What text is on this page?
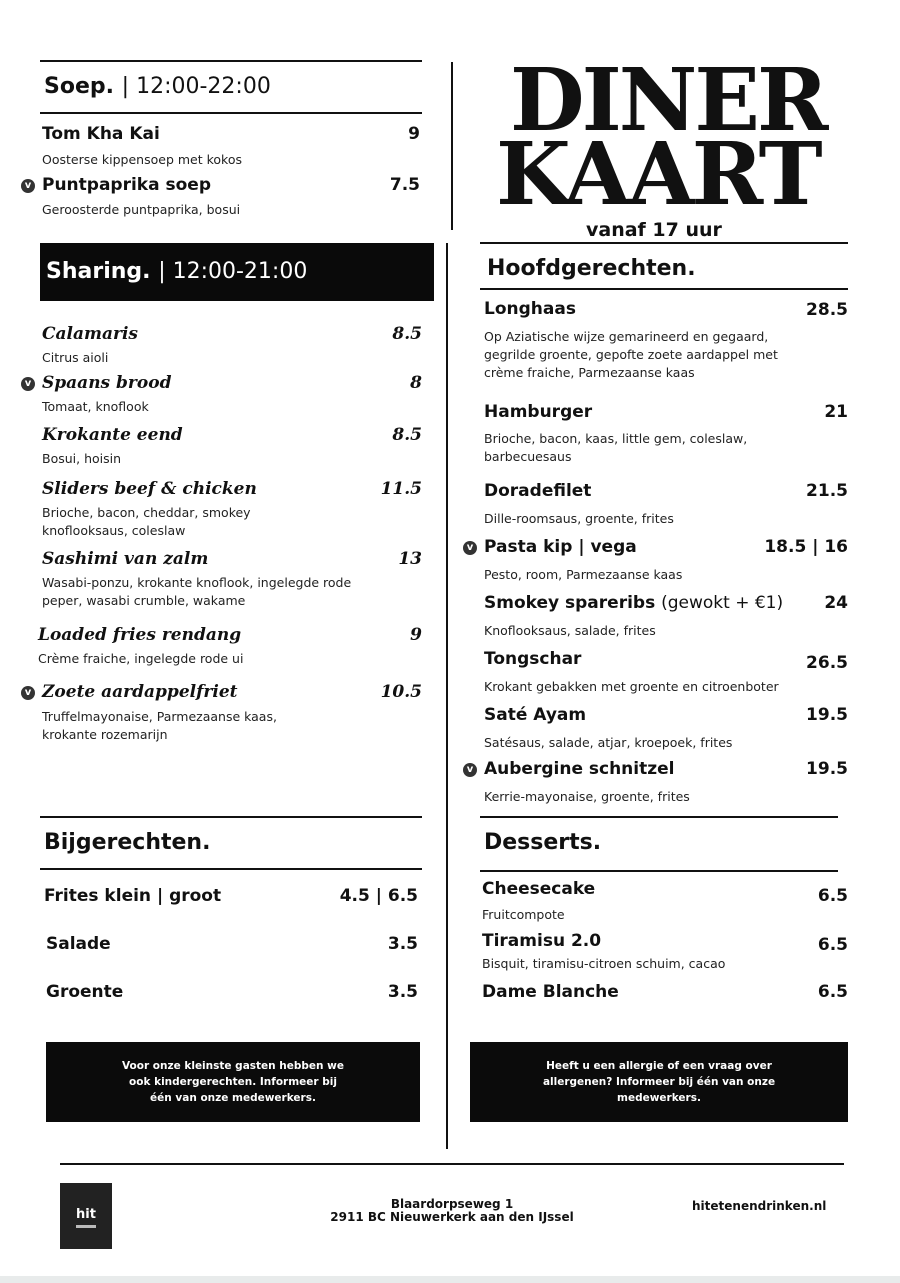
Soep. | 12:00-22:00
Tom Kha Kai	9
Oosterse kippensoep met kokos
v Puntpaprika soep	7.5
Geroosterde puntpaprika, bosui
Sharing. | 12:00-21:00
Calamaris	8.5
Citrus aioli
v Spaans brood	8
Tomaat, knoflook
Krokante eend	8.5
Bosui, hoisin
Sliders beef & chicken	11.5
Brioche, bacon, cheddar, smokey knoflooksaus, coleslaw
Sashimi van zalm	13
Wasabi-ponzu, krokante knoflook, ingelegde rode peper, wasabi crumble, wakame
Loaded fries rendang	9
Crème fraiche, ingelegde rode ui
v Zoete aardappelfriet	10.5
Truffelmayonaise, Parmezaanse kaas, krokante rozemarijn
Bijgerechten.
Frites klein | groot	4.5 | 6.5
Salade	3.5
Groente	3.5
Voor onze kleinste gasten hebben we ook kindergerechten. Informeer bij één van onze medewerkers.
DINER
KAART
vanaf 17 uur
Hoofdgerechten.
Longhaas	28.5
Op Aziatische wijze gemarineerd en gegaard, gegrilde groente, gepofte zoete aardappel met crème fraiche, Parmezaanse kaas
Hamburger	21
Brioche, bacon, kaas, little gem, coleslaw, barbecuesaus
Doradefilet	21.5
Dille-roomsaus, groente, frites
v Pasta kip | vega	18.5 | 16
Pesto, room, Parmezaanse kaas
Smokey spareribs (gewokt + €1) 24
Knoflooksaus, salade, frites
Tongschar	26.5
Krokant gebakken met groente en citroenboter
Saté Ayam	19.5
Satésaus, salade, atjar, kroepoek, frites
v Aubergine schnitzel	19.5
Kerrie-mayonaise, groente, frites
Desserts.
Cheesecake	6.5
Fruitcompote
Tiramisu 2.0	6.5
Bisquit, tiramisu-citroen schuim, cacao
Dame Blanche	6.5
Heeft u een allergie of een vraag over allergenen? Informeer bij één van onze medewerkers.
hit
Blaardorpseweg 1
2911 BC Nieuwerkerk aan den IJssel
hitetenendrinken.nl
